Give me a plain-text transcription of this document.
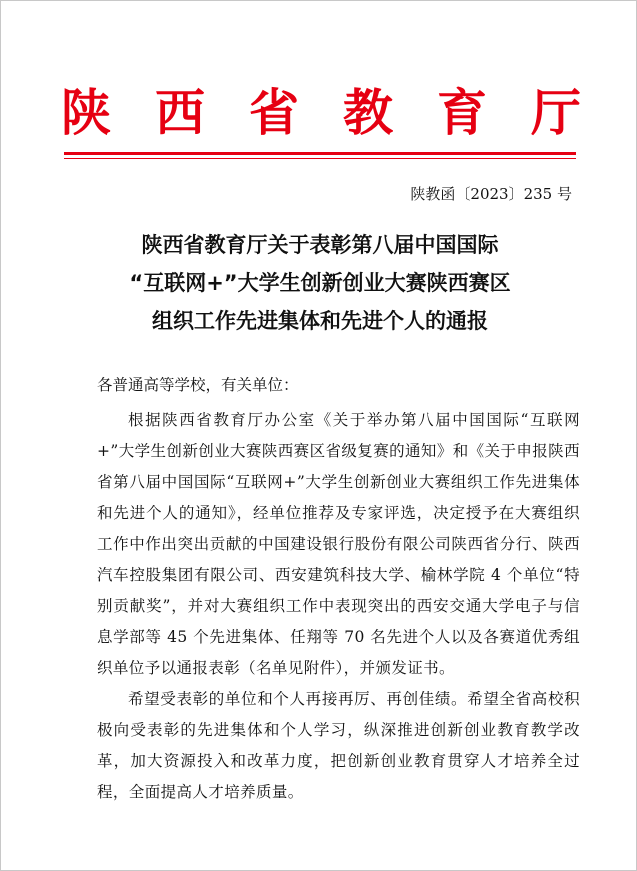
陕 西 省 教 育 厅
陕教函〔2023〕235 号
陕西省教育厅关于表彰第八届中国国际
“互联网+”大学生创新创业大赛陕西赛区
组织工作先进集体和先进个人的通报

各普通高等学校，有关单位：

根据陕西省教育厅办公室《关于举办第八届中国国际“互联网+”大学生创新创业大赛陕西赛区省级复赛的通知》和《关于申报陕西省第八届中国国际“互联网+”大学生创新创业大赛组织工作先进集体和先进个人的通知》，经单位推荐及专家评选，决定授予在大赛组织工作中作出突出贡献的中国建设银行股份有限公司陕西省分行、陕西汽车控股集团有限公司、西安建筑科技大学、榆林学院 4 个单位“特别贡献奖”，并对大赛组织工作中表现突出的西安交通大学电子与信息学部等 45 个先进集体、任翔等 70 名先进个人以及各赛道优秀组织单位予以通报表彰（名单见附件），并颁发证书。

希望受表彰的单位和个人再接再厉、再创佳绩。希望全省高校积极向受表彰的先进集体和个人学习，纵深推进创新创业教育教学改革，加大资源投入和改革力度，把创新创业教育贯穿人才培养全过程，全面提高人才培养质量。
